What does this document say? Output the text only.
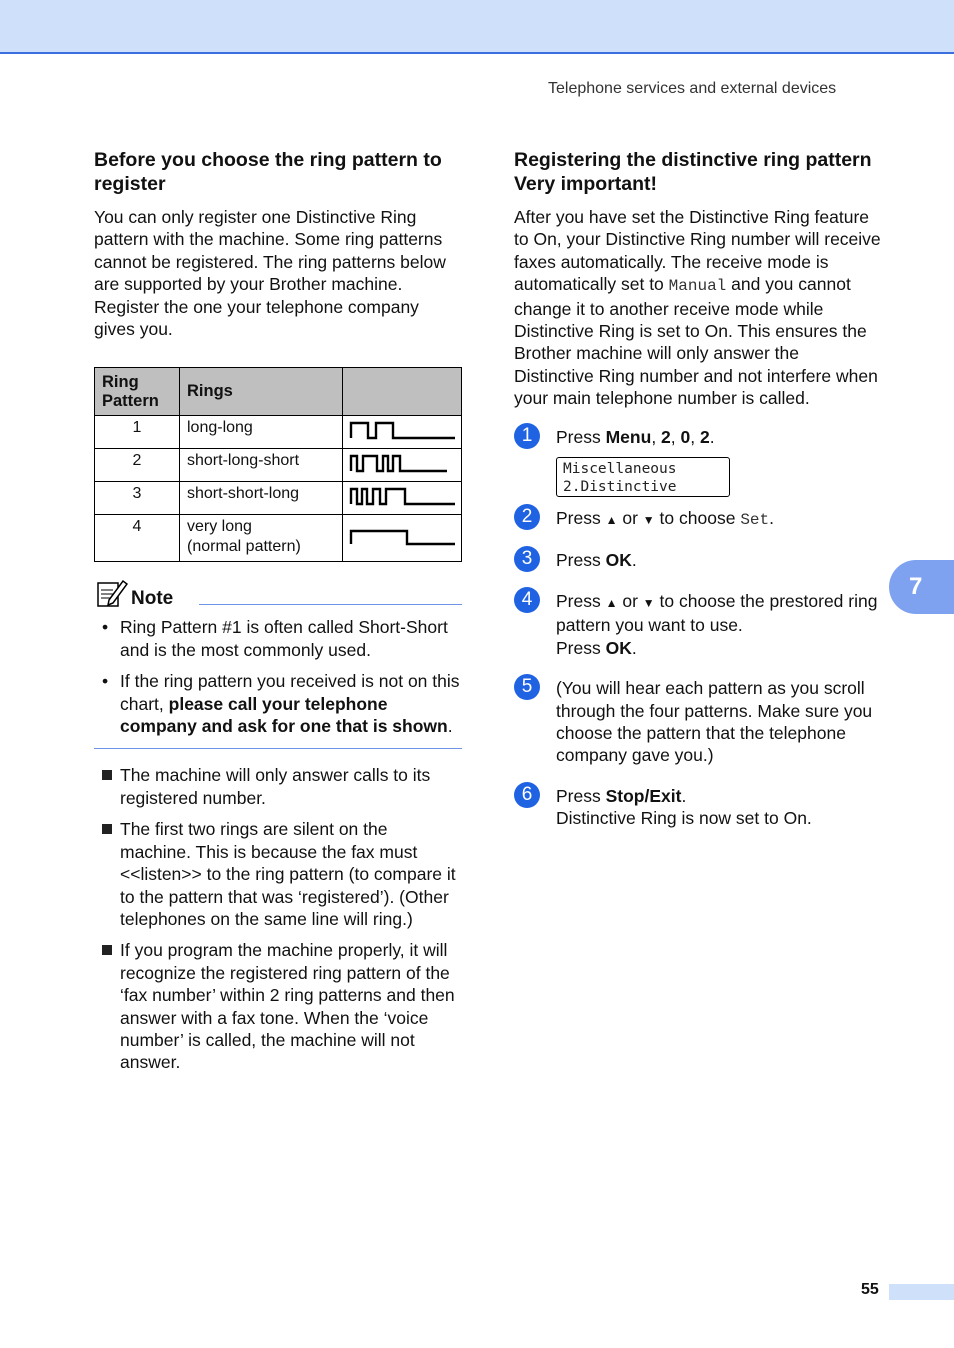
Telephone services and external devices
Before you choose the ring pattern to register

You can only register one Distinctive Ring pattern with the machine. Some ring patterns cannot be registered. The ring patterns below are supported by your Brother machine. Register the one your telephone company gives you.

Ring Pattern	Rings	
1	long-long	
2	short-long-short	
3	short-short-long	
4	very long
(normal pattern)

Note
• Ring Pattern #1 is often called Short-Short and is the most commonly used.
• If the ring pattern you received is not on this chart, please call your telephone company and ask for one that is shown.
The machine will only answer calls to its registered number.
The first two rings are silent on the machine. This is because the fax must <<listen>> to the ring pattern (to compare it to the pattern that was ‘registered’). (Other telephones on the same line will ring.)
If you program the machine properly, it will recognize the registered ring pattern of the ‘fax number’ within 2 ring patterns and then answer with a fax tone. When the ‘voice number’ is called, the machine will not answer.
Registering the distinctive ring pattern
Very important!

After you have set the Distinctive Ring feature to On, your Distinctive Ring number will receive faxes automatically. The receive mode is automatically set to Manual and you cannot change it to another receive mode while Distinctive Ring is set to On. This ensures the Brother machine will only answer the Distinctive Ring number and not interfere when your main telephone number is called.

1	Press Menu, 2, 0, 2.
Miscellaneous
2.Distinctive
2	Press ▲ or ▼ to choose Set.
3	Press OK.
4	Press ▲ or ▼ to choose the prestored ring pattern you want to use.
Press OK.
5	(You will hear each pattern as you scroll through the four patterns. Make sure you choose the pattern that the telephone company gave you.)
6	Press Stop/Exit.
Distinctive Ring is now set to On.
7
55
